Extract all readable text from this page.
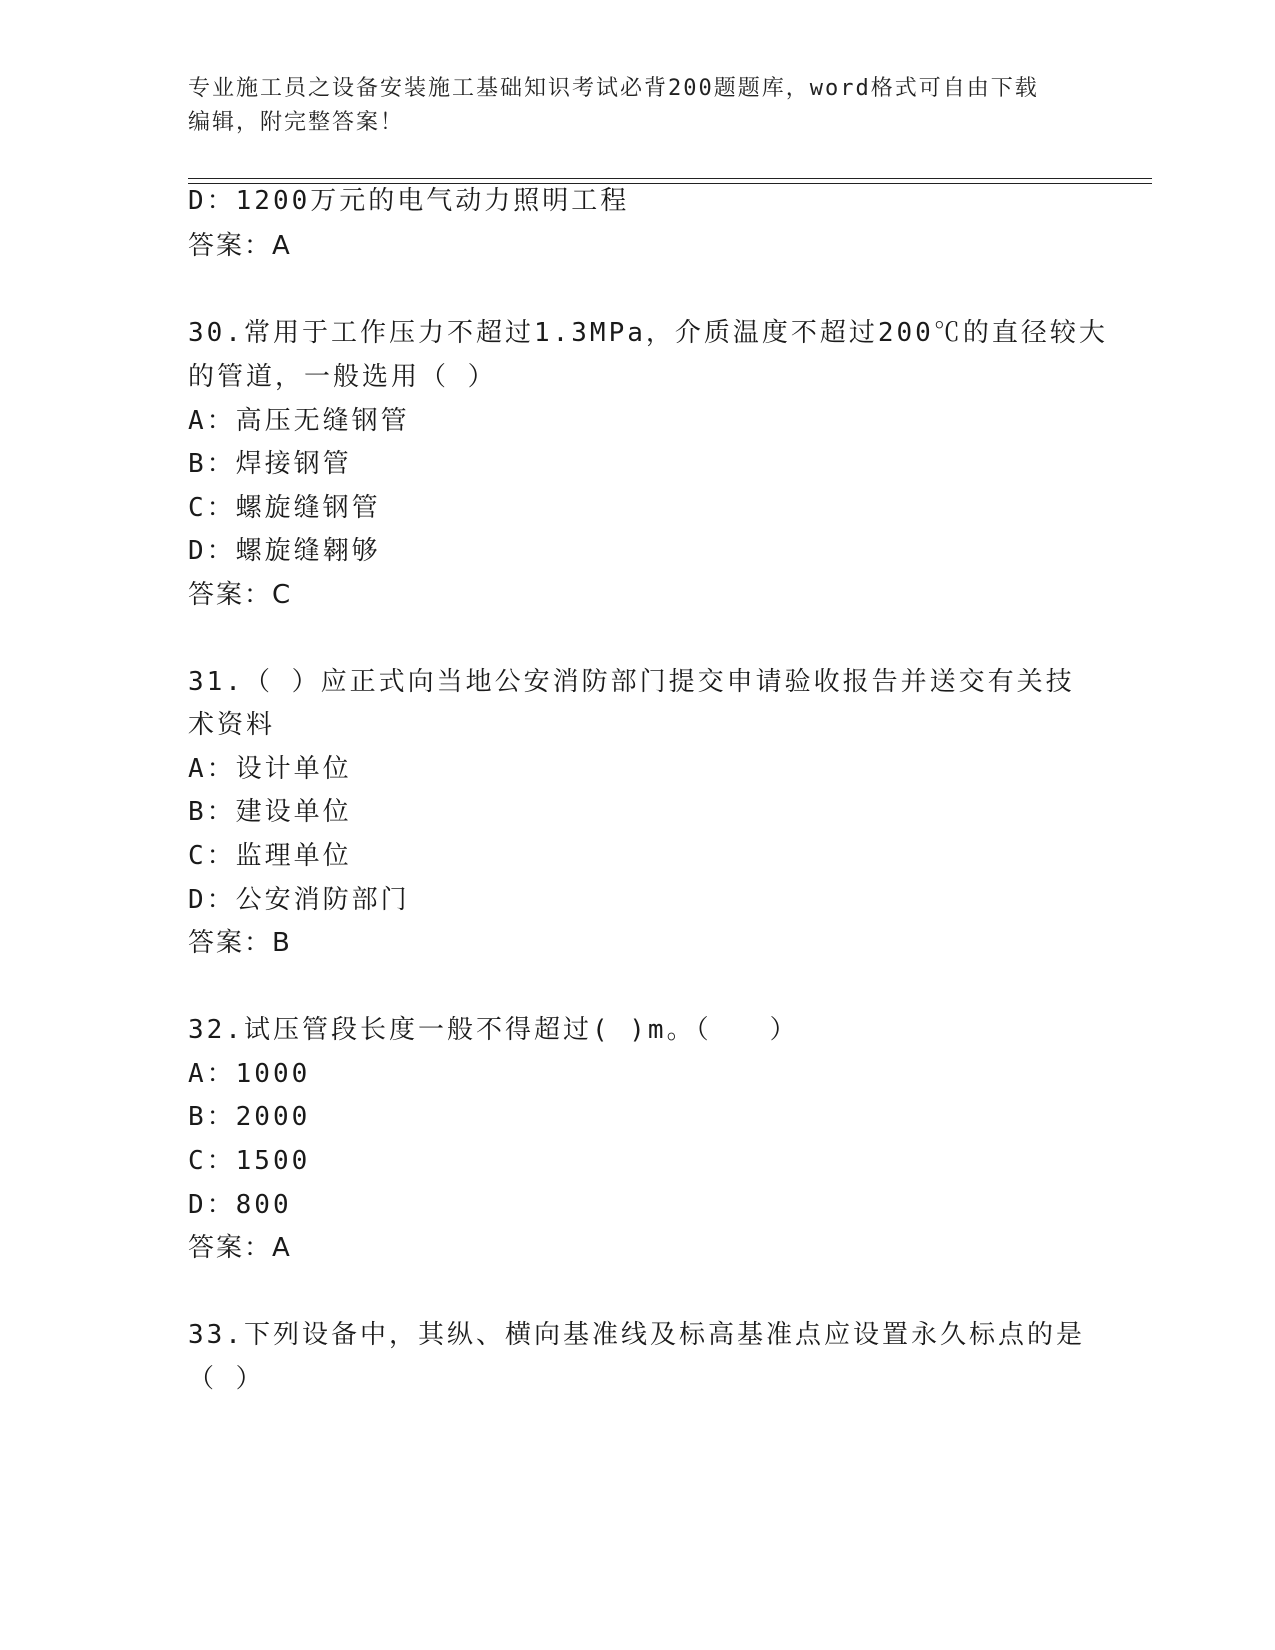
专业施工员之设备安装施工基础知识考试必背200题题库，word格式可自由下载
编辑，附完整答案！
D：1200万元的电气动力照明工程
答案：A
30.常用于工作压力不超过1.3MPa，介质温度不超过200℃的直径较大
的管道，一般选用（ ）
A：高压无缝钢管
B：焊接钢管
C：螺旋缝钢管
D：螺旋缝翱够
答案：C
31.（ ）应正式向当地公安消防部门提交申请验收报告并送交有关技
术资料
A：设计单位
B：建设单位
C：监理单位
D：公安消防部门
答案：B
32.试压管段长度一般不得超过( )m。（　　）
A：1000
B：2000
C：1500
D：800
答案：A
33.下列设备中，其纵、横向基准线及标高基准点应设置永久标点的是
（ ）
